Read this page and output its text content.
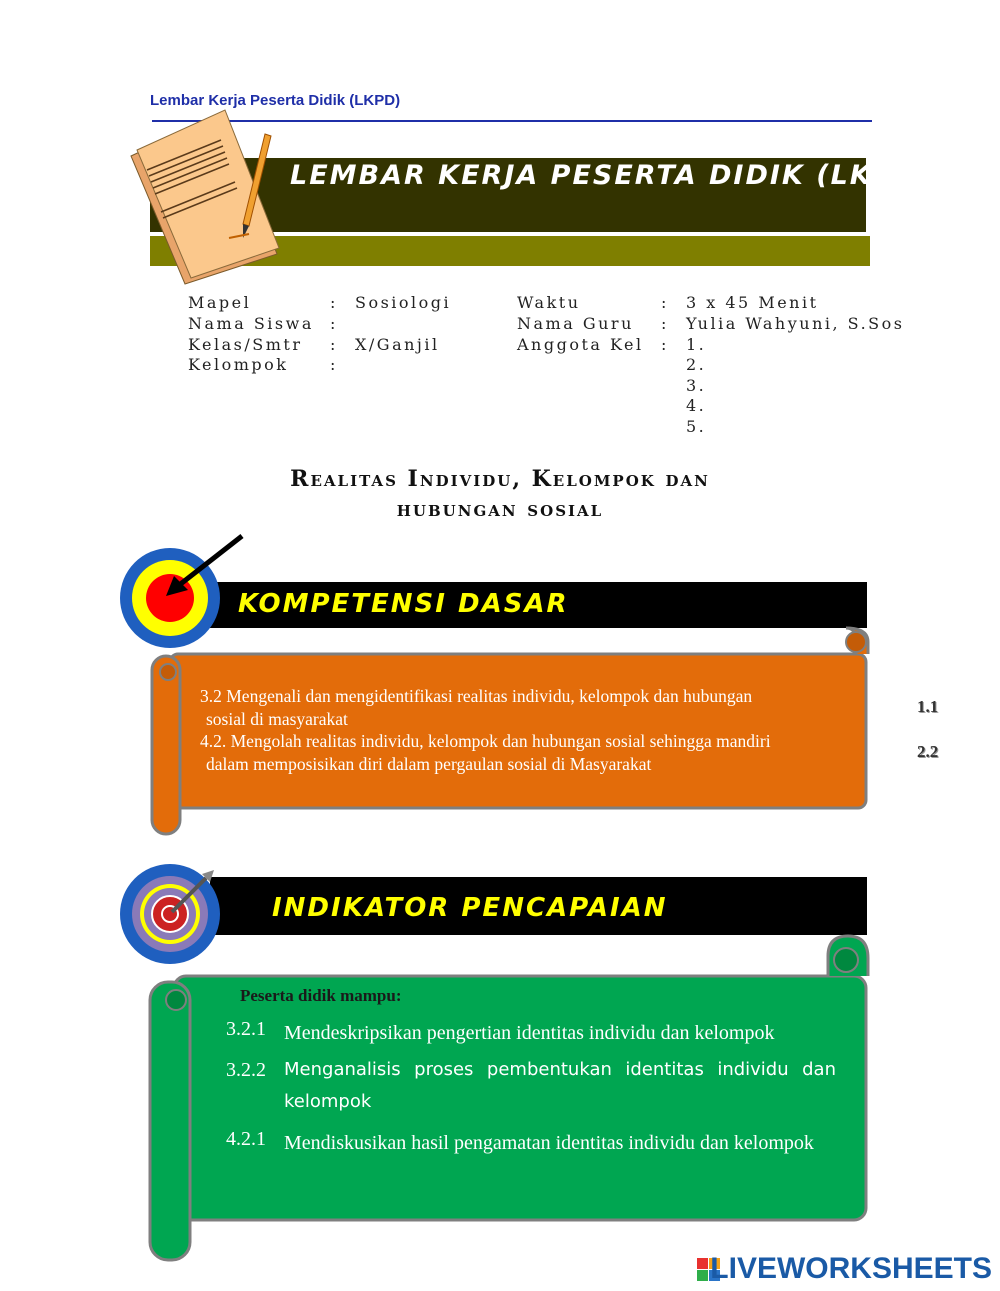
Lembar Kerja Peserta Didik (LKPD)
LEMBAR KERJA PESERTA DIDIK (LKPD)
Mapel	: Sosiologi
Nama Siswa :
Kelas/Smtr : X/Ganjil
Kelompok	:
Waktu	: 3 x 45 Menit
Nama Guru : Yulia Wahyuni, S.Sos
Anggota Kel : 1.
2.
3.
4.
5.
Realitas Individu, Kelompok dan
hubungan sosial
KOMPETENSI DASAR

3.2 Mengenali dan mengidentifikasi realitas individu, kelompok dan hubungan

sosial di masyarakat

4.2. Mengolah realitas individu, kelompok dan hubungan sosial sehingga mandiri

dalam memposisikan diri dalam pergaulan sosial di Masyarakat

1.1
2.2
INDIKATOR PENCAPAIAN
Peserta didik mampu:
3.2.1 Mendeskripsikan pengertian identitas individu dan kelompok
3.2.2	Menganalisis proses pembentukan identitas individu dan kelompok
4.2.1 Mendiskusikan hasil pengamatan identitas individu dan kelompok
LIVEWORKSHEETS
